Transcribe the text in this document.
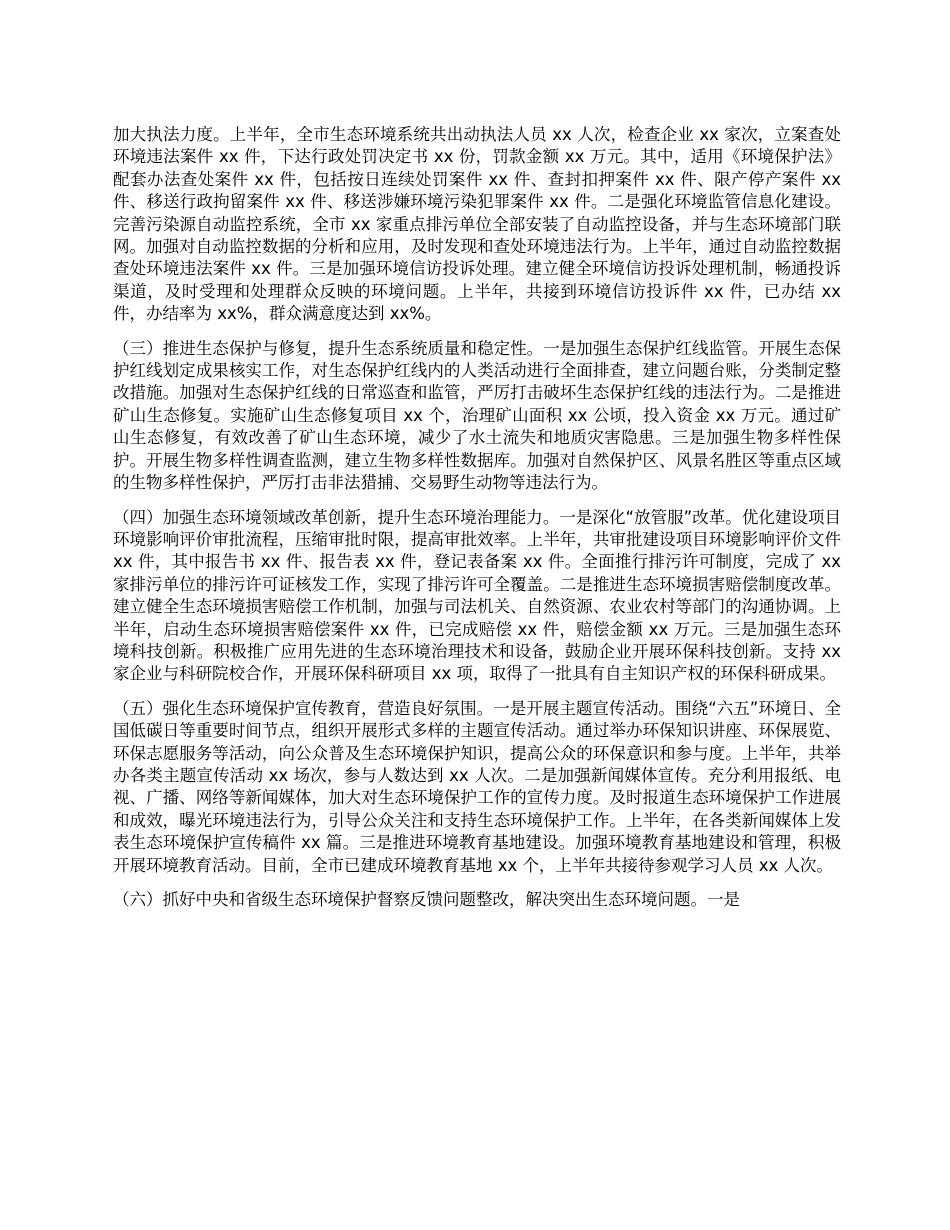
加大执法力度。上半年，全市生态环境系统共出动执法人员 xx 人次，检查企业 xx 家次，立案查处环境违法案件 xx 件，下达行政处罚决定书 xx 份，罚款金额 xx 万元。其中，适用《环境保护法》配套办法查处案件 xx 件，包括按日连续处罚案件 xx 件、查封扣押案件 xx 件、限产停产案件 xx 件、移送行政拘留案件 xx 件、移送涉嫌环境污染犯罪案件 xx 件。二是强化环境监管信息化建设。完善污染源自动监控系统，全市 xx 家重点排污单位全部安装了自动监控设备，并与生态环境部门联网。加强对自动监控数据的分析和应用，及时发现和查处环境违法行为。上半年，通过自动监控数据查处环境违法案件 xx 件。三是加强环境信访投诉处理。建立健全环境信访投诉处理机制，畅通投诉渠道，及时受理和处理群众反映的环境问题。上半年，共接到环境信访投诉件 xx 件，已办结 xx 件，办结率为 xx%，群众满意度达到 xx%。

（三）推进生态保护与修复，提升生态系统质量和稳定性。一是加强生态保护红线监管。开展生态保护红线划定成果核实工作，对生态保护红线内的人类活动进行全面排查，建立问题台账，分类制定整改措施。加强对生态保护红线的日常巡查和监管，严厉打击破坏生态保护红线的违法行为。二是推进矿山生态修复。实施矿山生态修复项目 xx 个，治理矿山面积 xx 公顷，投入资金 xx 万元。通过矿山生态修复，有效改善了矿山生态环境，减少了水土流失和地质灾害隐患。三是加强生物多样性保护。开展生物多样性调查监测，建立生物多样性数据库。加强对自然保护区、风景名胜区等重点区域的生物多样性保护，严厉打击非法猎捕、交易野生动物等违法行为。

（四）加强生态环境领域改革创新，提升生态环境治理能力。一是深化“放管服”改革。优化建设项目环境影响评价审批流程，压缩审批时限，提高审批效率。上半年，共审批建设项目环境影响评价文件 xx 件，其中报告书 xx 件、报告表 xx 件，登记表备案 xx 件。全面推行排污许可制度，完成了 xx 家排污单位的排污许可证核发工作，实现了排污许可全覆盖。二是推进生态环境损害赔偿制度改革。建立健全生态环境损害赔偿工作机制，加强与司法机关、自然资源、农业农村等部门的沟通协调。上半年，启动生态环境损害赔偿案件 xx 件，已完成赔偿 xx 件，赔偿金额 xx 万元。三是加强生态环境科技创新。积极推广应用先进的生态环境治理技术和设备，鼓励企业开展环保科技创新。支持 xx 家企业与科研院校合作，开展环保科研项目 xx 项，取得了一批具有自主知识产权的环保科研成果。

（五）强化生态环境保护宣传教育，营造良好氛围。一是开展主题宣传活动。围绕“六五”环境日、全国低碳日等重要时间节点，组织开展形式多样的主题宣传活动。通过举办环保知识讲座、环保展览、环保志愿服务等活动，向公众普及生态环境保护知识，提高公众的环保意识和参与度。上半年，共举办各类主题宣传活动 xx 场次，参与人数达到 xx 人次。二是加强新闻媒体宣传。充分利用报纸、电视、广播、网络等新闻媒体，加大对生态环境保护工作的宣传力度。及时报道生态环境保护工作进展和成效，曝光环境违法行为，引导公众关注和支持生态环境保护工作。上半年，在各类新闻媒体上发表生态环境保护宣传稿件 xx 篇。三是推进环境教育基地建设。加强环境教育基地建设和管理，积极开展环境教育活动。目前，全市已建成环境教育基地 xx 个，上半年共接待参观学习人员 xx 人次。

（六）抓好中央和省级生态环境保护督察反馈问题整改，解决突出生态环境问题。一是
